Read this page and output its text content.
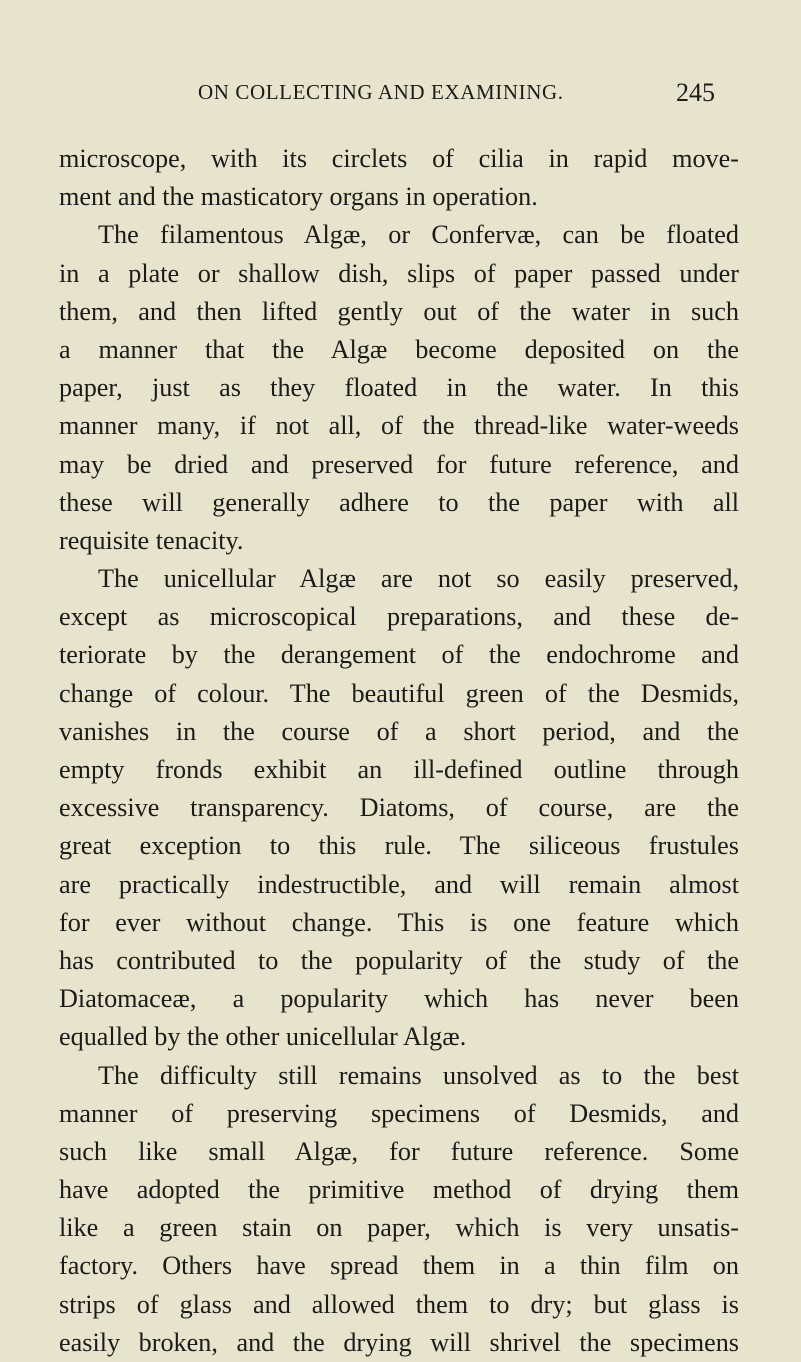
ON COLLECTING AND EXAMINING.	245
microscope, with its circlets of cilia in rapid move-
ment and the masticatory organs in operation.
The filamentous Algæ, or Confervæ, can be floated
in a plate or shallow dish, slips of paper passed under
them, and then lifted gently out of the water in such
a manner that the Algæ become deposited on the
paper, just as they floated in the water. In this
manner many, if not all, of the thread-like water-weeds
may be dried and preserved for future reference, and
these will generally adhere to the paper with all
requisite tenacity.
The unicellular Algæ are not so easily preserved,
except as microscopical preparations, and these de-
teriorate by the derangement of the endochrome and
change of colour. The beautiful green of the Desmids,
vanishes in the course of a short period, and the
empty fronds exhibit an ill-defined outline through
excessive transparency. Diatoms, of course, are the
great exception to this rule. The siliceous frustules
are practically indestructible, and will remain almost
for ever without change. This is one feature which
has contributed to the popularity of the study of the
Diatomaceæ, a popularity which has never been
equalled by the other unicellular Algæ.
The difficulty still remains unsolved as to the best
manner of preserving specimens of Desmids, and
such like small Algæ, for future reference. Some
have adopted the primitive method of drying them
like a green stain on paper, which is very unsatis-
factory. Others have spread them in a thin film on
strips of glass and allowed them to dry; but glass is
easily broken, and the drying will shrivel the specimens
